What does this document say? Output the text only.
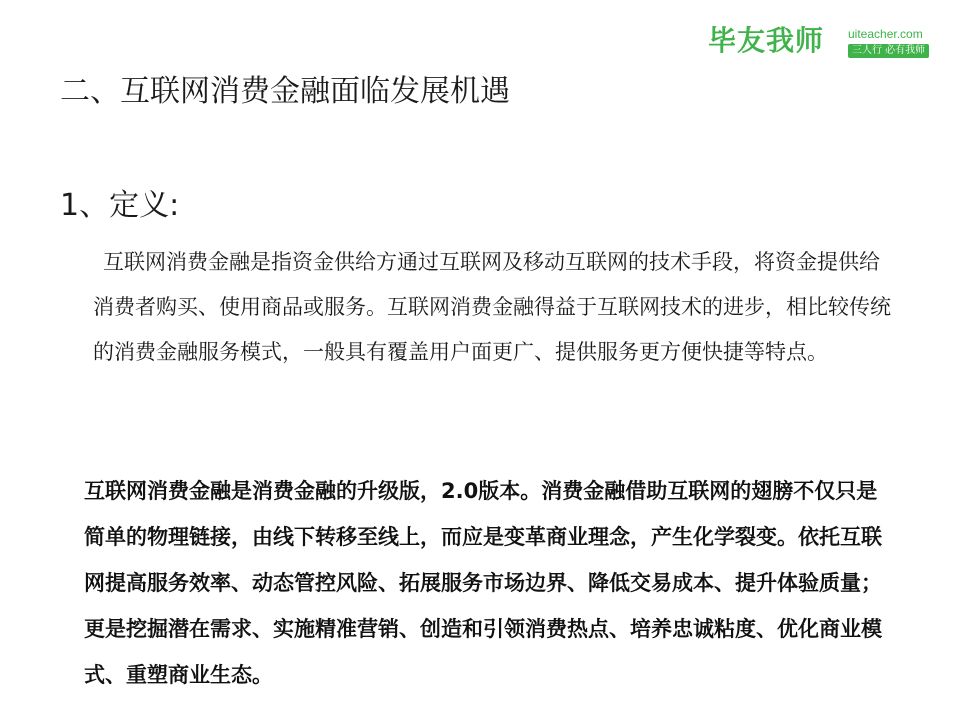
毕友我师 uiteacher.com
三人行 必有我师
二、互联网消费金融面临发展机遇
1、定义:
互联网消费金融是指资金供给方通过互联网及移动互联网的技术手段，将资金提供给消费者购买、使用商品或服务。互联网消费金融得益于互联网技术的进步，相比较传统的消费金融服务模式，一般具有覆盖用户面更广、提供服务更方便快捷等特点。
互联网消费金融是消费金融的升级版，2.0版本。消费金融借助互联网的翅膀不仅只是简单的物理链接，由线下转移至线上，而应是变革商业理念，产生化学裂变。依托互联网提高服务效率、动态管控风险、拓展服务市场边界、降低交易成本、提升体验质量；更是挖掘潜在需求、实施精准营销、创造和引领消费热点、培养忠诚粘度、优化商业模式、重塑商业生态。
